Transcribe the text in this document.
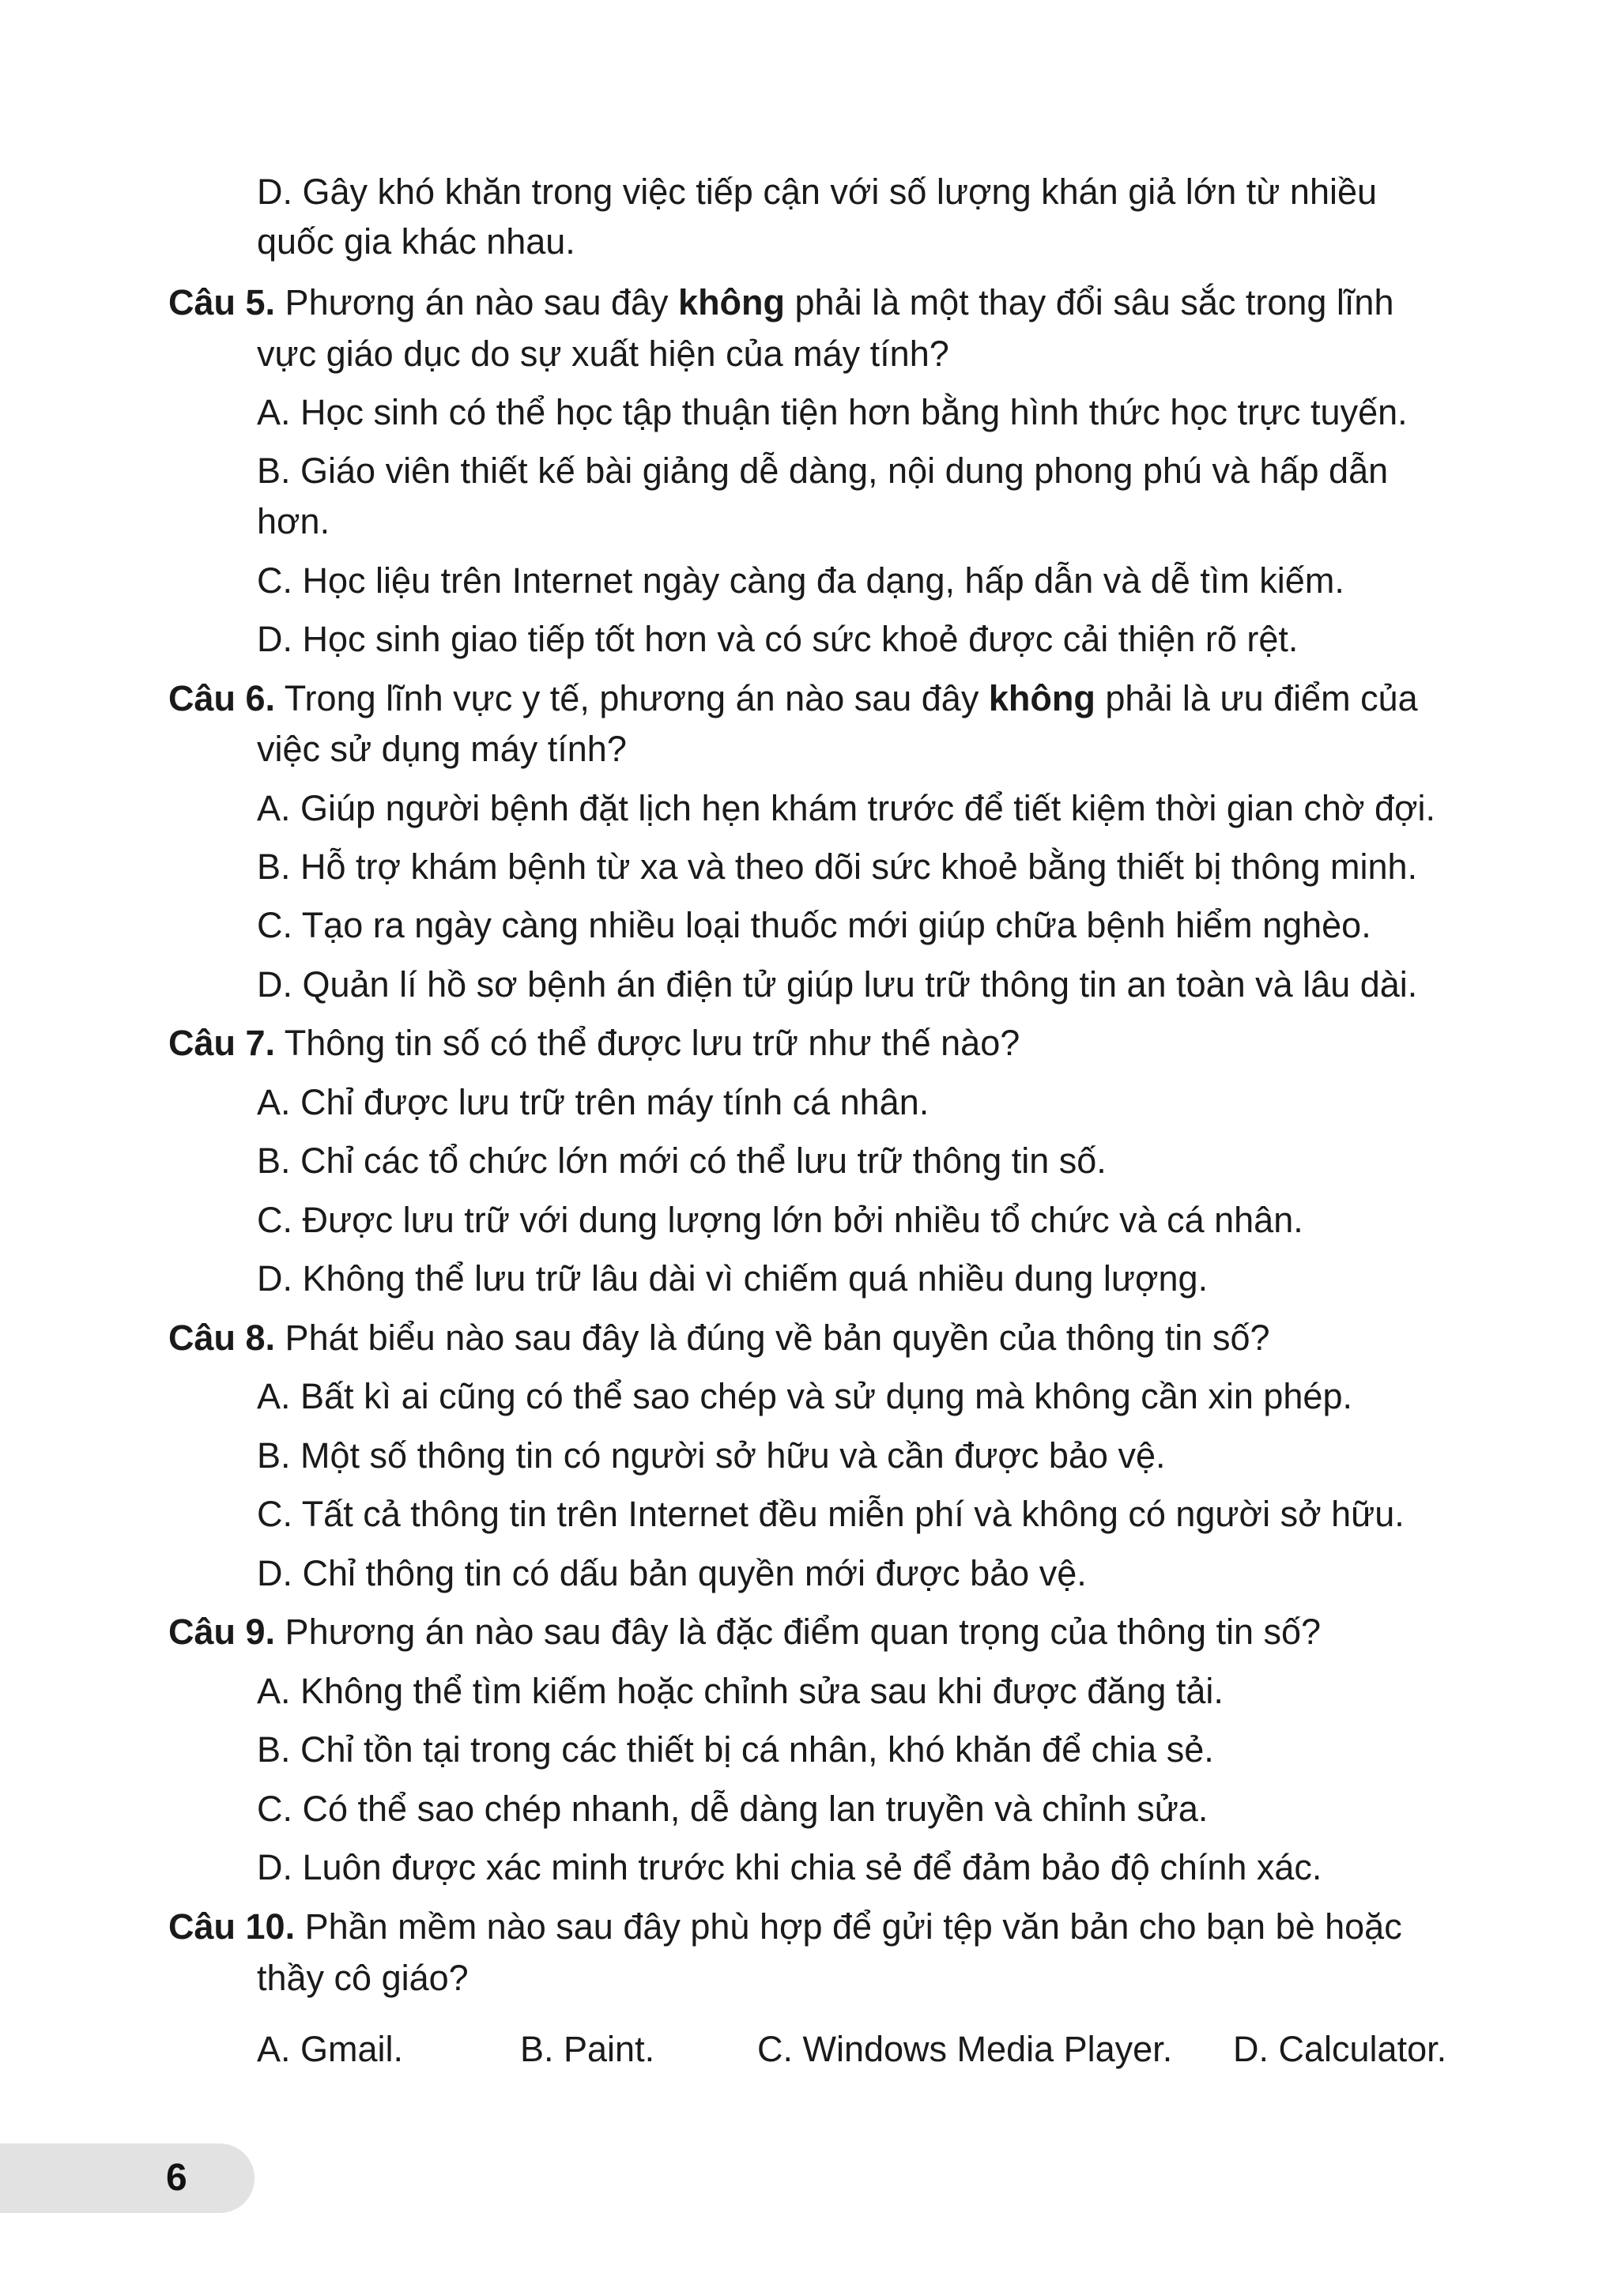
D. Gây khó khăn trong việc tiếp cận với số lượng khán giả lớn từ nhiều
quốc gia khác nhau.
Câu 5. Phương án nào sau đây không phải là một thay đổi sâu sắc trong lĩnh
vực giáo dục do sự xuất hiện của máy tính?
A. Học sinh có thể học tập thuận tiện hơn bằng hình thức học trực tuyến.
B. Giáo viên thiết kế bài giảng dễ dàng, nội dung phong phú và hấp dẫn
hơn.
C. Học liệu trên Internet ngày càng đa dạng, hấp dẫn và dễ tìm kiếm.
D. Học sinh giao tiếp tốt hơn và có sức khoẻ được cải thiện rõ rệt.
Câu 6. Trong lĩnh vực y tế, phương án nào sau đây không phải là ưu điểm của
việc sử dụng máy tính?
A. Giúp người bệnh đặt lịch hẹn khám trước để tiết kiệm thời gian chờ đợi.
B. Hỗ trợ khám bệnh từ xa và theo dõi sức khoẻ bằng thiết bị thông minh.
C. Tạo ra ngày càng nhiều loại thuốc mới giúp chữa bệnh hiểm nghèo.
D. Quản lí hồ sơ bệnh án điện tử giúp lưu trữ thông tin an toàn và lâu dài.
Câu 7. Thông tin số có thể được lưu trữ như thế nào?
A. Chỉ được lưu trữ trên máy tính cá nhân.
B. Chỉ các tổ chức lớn mới có thể lưu trữ thông tin số.
C. Được lưu trữ với dung lượng lớn bởi nhiều tổ chức và cá nhân.
D. Không thể lưu trữ lâu dài vì chiếm quá nhiều dung lượng.
Câu 8. Phát biểu nào sau đây là đúng về bản quyền của thông tin số?
A. Bất kì ai cũng có thể sao chép và sử dụng mà không cần xin phép.
B. Một số thông tin có người sở hữu và cần được bảo vệ.
C. Tất cả thông tin trên Internet đều miễn phí và không có người sở hữu.
D. Chỉ thông tin có dấu bản quyền mới được bảo vệ.
Câu 9. Phương án nào sau đây là đặc điểm quan trọng của thông tin số?
A. Không thể tìm kiếm hoặc chỉnh sửa sau khi được đăng tải.
B. Chỉ tồn tại trong các thiết bị cá nhân, khó khăn để chia sẻ.
C. Có thể sao chép nhanh, dễ dàng lan truyền và chỉnh sửa.
D. Luôn được xác minh trước khi chia sẻ để đảm bảo độ chính xác.
Câu 10. Phần mềm nào sau đây phù hợp để gửi tệp văn bản cho bạn bè hoặc
thầy cô giáo?
A. Gmail.	B. Paint.	C. Windows Media Player. D. Calculator.
6
